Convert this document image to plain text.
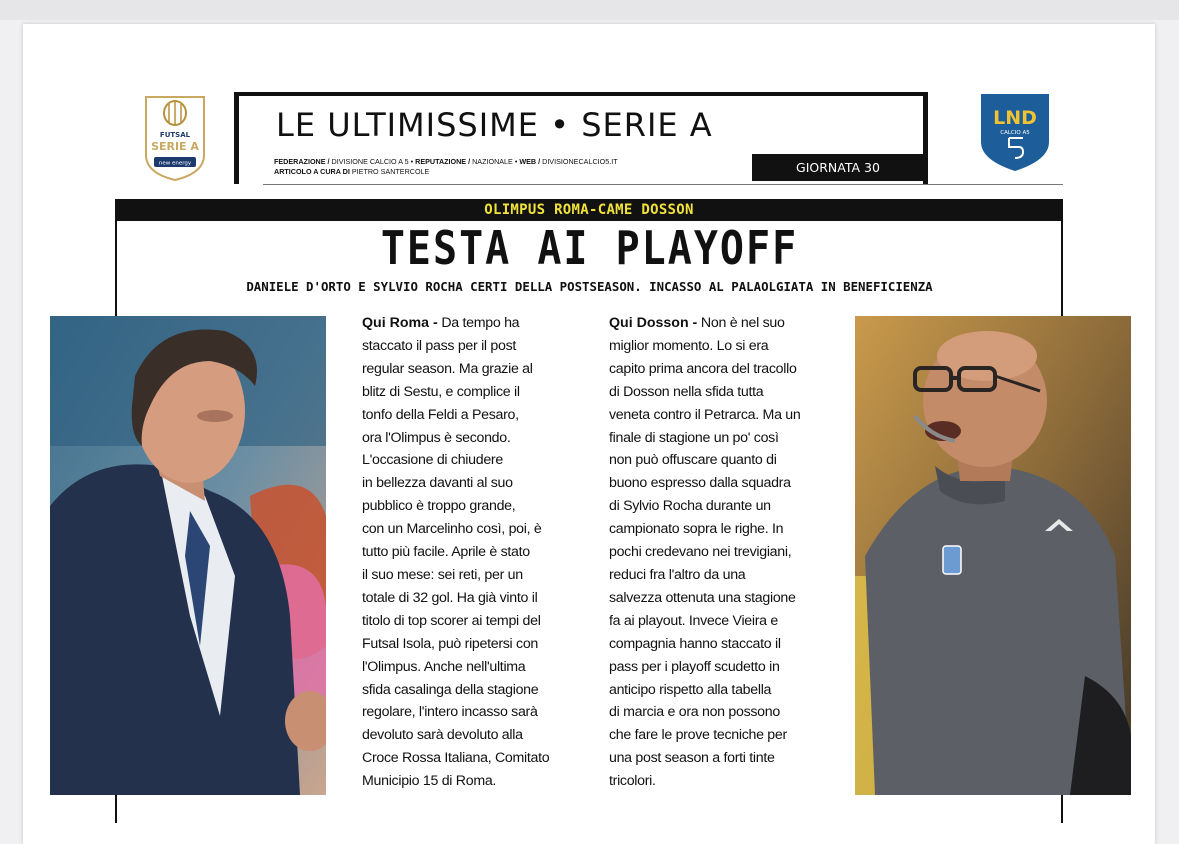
FUTSAL
SERIE A
new energy
LND
CALCIO A5
LE ULTIMISSIME • SERIE A
FEDERAZIONE / DIVISIONE CALCIO A 5 • REPUTAZIONE / NAZIONALE • WEB / DIVISIONECALCIO5.IT
ARTICOLO A CURA DI PIETRO SANTERCOLE	GIORNATA 30
OLIMPUS ROMA-CAME DOSSON
TESTA AI PLAYOFF
DANIELE D'ORTO E SYLVIO ROCHA CERTI DELLA POSTSEASON. INCASSO AL PALAOLGIATA IN BENEFICIENZA
Qui Roma - Da tempo ha
staccato il pass per il post
regular season. Ma grazie al
blitz di Sestu, e complice il
tonfo della Feldi a Pesaro,
ora l'Olimpus è secondo.
L'occasione di chiudere
in bellezza davanti al suo
pubblico è troppo grande,
con un Marcelinho così, poi, è
tutto più facile. Aprile è stato
il suo mese: sei reti, per un
totale di 32 gol. Ha già vinto il
titolo di top scorer ai tempi del
Futsal Isola, può ripetersi con
l'Olimpus. Anche nell'ultima
sfida casalinga della stagione
regolare, l'intero incasso sarà
devoluto sarà devoluto alla
Croce Rossa Italiana, Comitato
Municipio 15 di Roma.
Qui Dosson - Non è nel suo
miglior momento. Lo si era
capito prima ancora del tracollo
di Dosson nella sfida tutta
veneta contro il Petrarca. Ma un
finale di stagione un po' così
non può offuscare quanto di
buono espresso dalla squadra
di Sylvio Rocha durante un
campionato sopra le righe. In
pochi credevano nei trevigiani,
reduci fra l'altro da una
salvezza ottenuta una stagione
fa ai playout. Invece Vieira e
compagnia hanno staccato il
pass per i playoff scudetto in
anticipo rispetto alla tabella
di marcia e ora non possono
che fare le prove tecniche per
una post season a forti tinte
tricolori.
